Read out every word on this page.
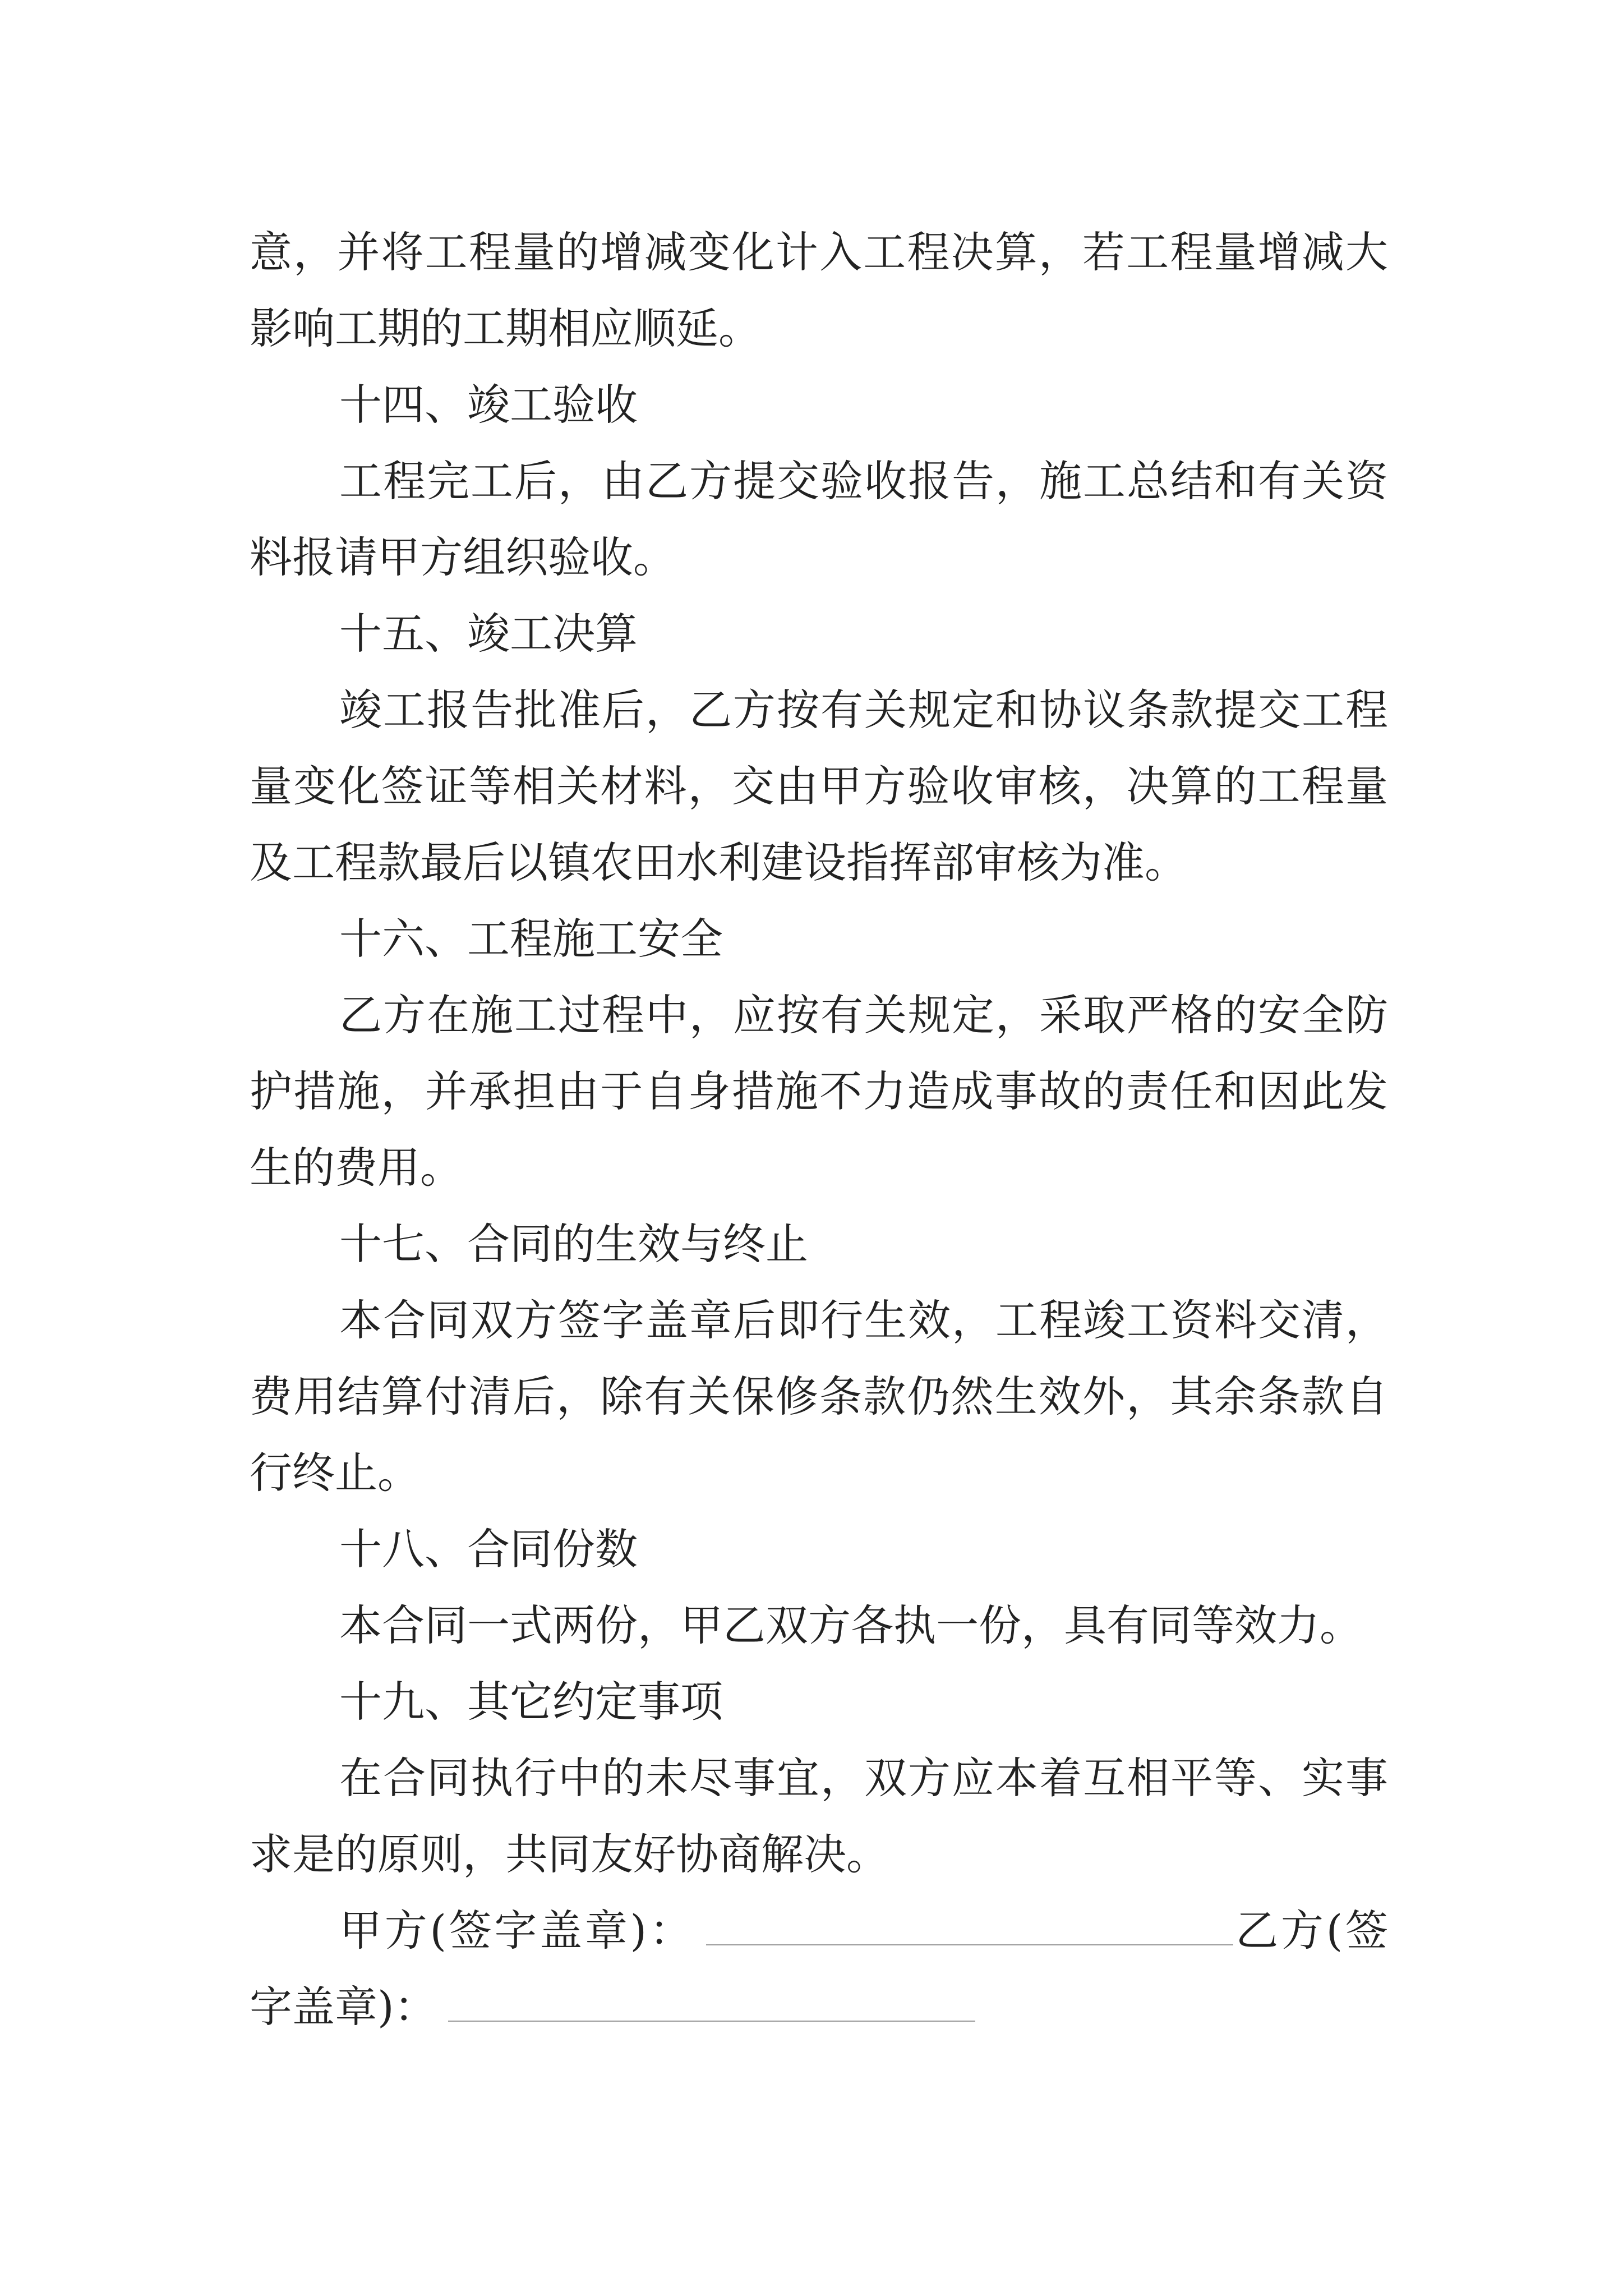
意，并将工程量的增减变化计入工程决算，若工程量增减大影响工期的工期相应顺延。

十四、竣工验收

工程完工后，由乙方提交验收报告，施工总结和有关资料报请甲方组织验收。

十五、竣工决算

竣工报告批准后，乙方按有关规定和协议条款提交工程量变化签证等相关材料，交由甲方验收审核，决算的工程量及工程款最后以镇农田水利建设指挥部审核为准。

十六、工程施工安全

乙方在施工过程中，应按有关规定，采取严格的安全防护措施，并承担由于自身措施不力造成事故的责任和因此发生的费用。

十七、合同的生效与终止

本合同双方签字盖章后即行生效，工程竣工资料交清，费用结算付清后，除有关保修条款仍然生效外，其余条款自行终止。

十八、合同份数

本合同一式两份，甲乙双方各执一份，具有同等效力。

十九、其它约定事项

在合同执行中的未尽事宜，双方应本着互相平等、实事求是的原则，共同友好协商解决。

甲方(签字盖章)：	乙方(签字盖章)：
